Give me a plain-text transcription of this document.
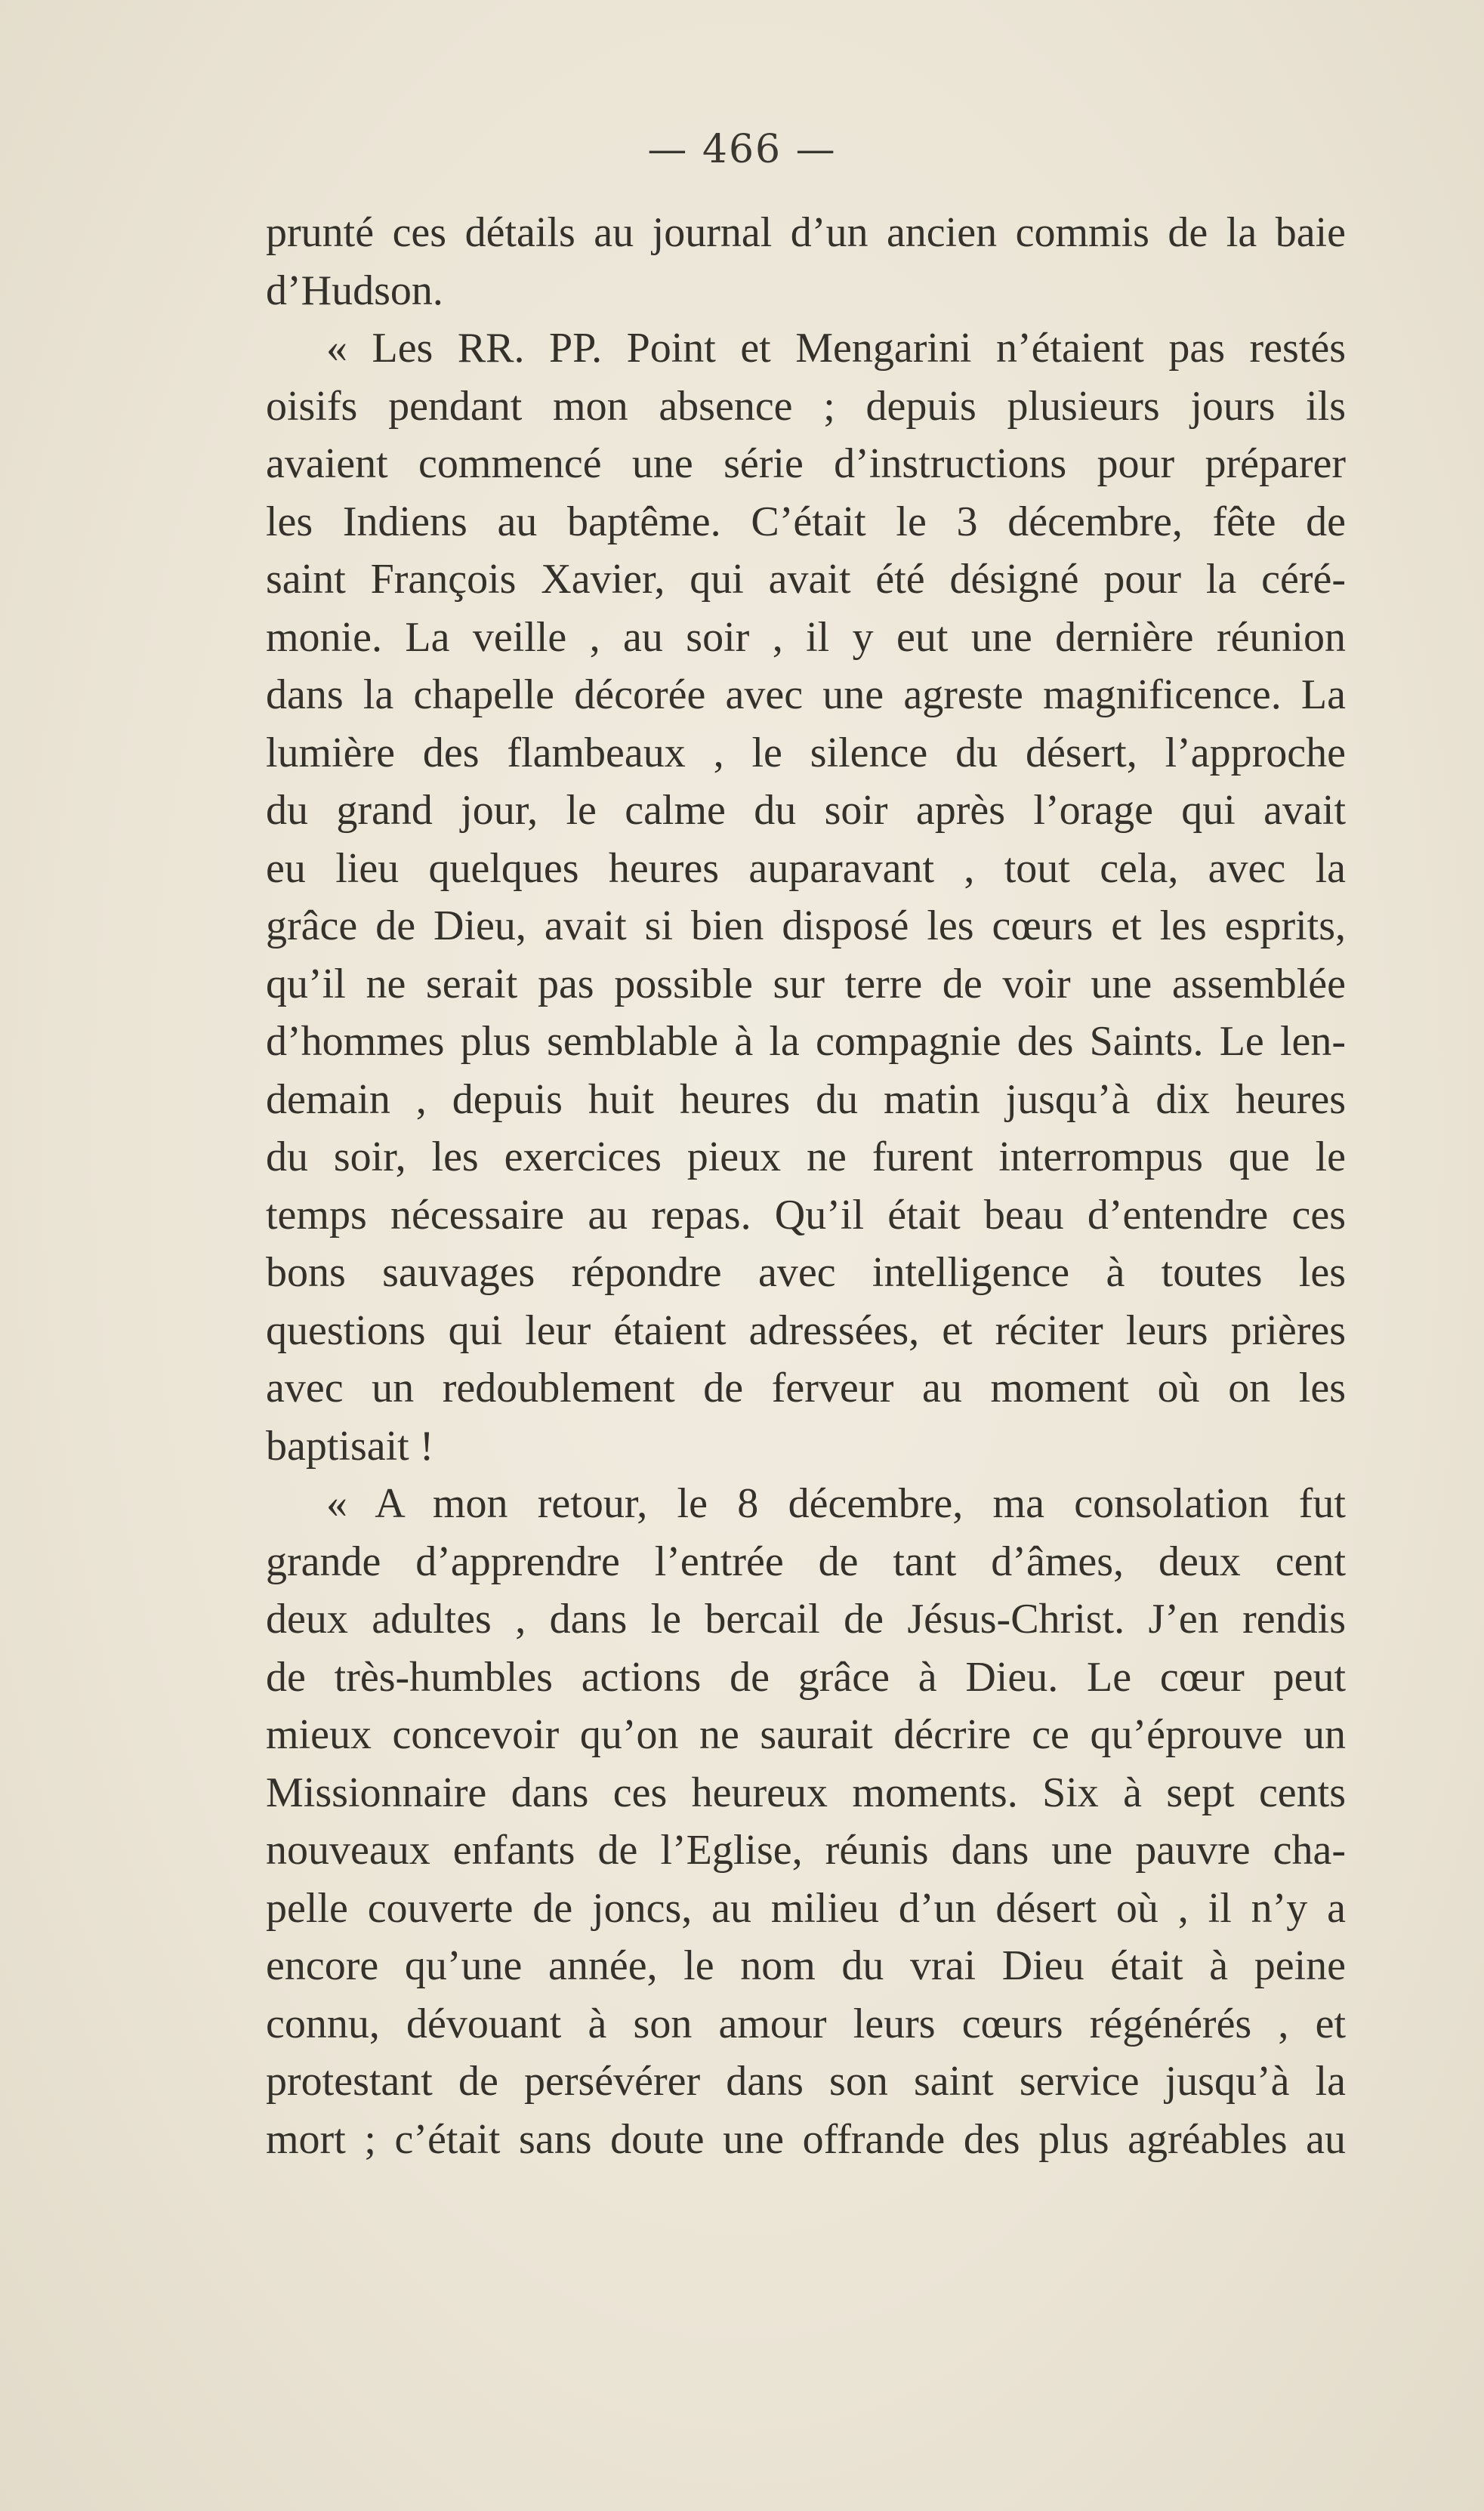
— 466 —
prunté ces détails au journal d’un ancien commis de la baie
d’Hudson.
« Les RR. PP. Point et Mengarini n’étaient pas restés
oisifs pendant mon absence ; depuis plusieurs jours ils
avaient commencé une série d’instructions pour préparer
les Indiens au baptême. C’était le 3 décembre, fête de
saint François Xavier, qui avait été désigné pour la céré-
monie. La veille , au soir , il y eut une dernière réunion
dans la chapelle décorée avec une agreste magnificence. La
lumière des flambeaux , le silence du désert, l’approche
du grand jour, le calme du soir après l’orage qui avait
eu lieu quelques heures auparavant , tout cela, avec la
grâce de Dieu, avait si bien disposé les cœurs et les esprits,
qu’il ne serait pas possible sur terre de voir une assemblée
d’hommes plus semblable à la compagnie des Saints. Le len-
demain , depuis huit heures du matin jusqu’à dix heures
du soir, les exercices pieux ne furent interrompus que le
temps nécessaire au repas. Qu’il était beau d’entendre ces
bons sauvages répondre avec intelligence à toutes les
questions qui leur étaient adressées, et réciter leurs prières
avec un redoublement de ferveur au moment où on les
baptisait !
« A mon retour, le 8 décembre, ma consolation fut
grande d’apprendre l’entrée de tant d’âmes, deux cent
deux adultes , dans le bercail de Jésus-Christ. J’en rendis
de très-humbles actions de grâce à Dieu. Le cœur peut
mieux concevoir qu’on ne saurait décrire ce qu’éprouve un
Missionnaire dans ces heureux moments. Six à sept cents
nouveaux enfants de l’Eglise, réunis dans une pauvre cha-
pelle couverte de joncs, au milieu d’un désert où , il n’y a
encore qu’une année, le nom du vrai Dieu était à peine
connu, dévouant à son amour leurs cœurs régénérés , et
protestant de persévérer dans son saint service jusqu’à la
mort ; c’était sans doute une offrande des plus agréables au
